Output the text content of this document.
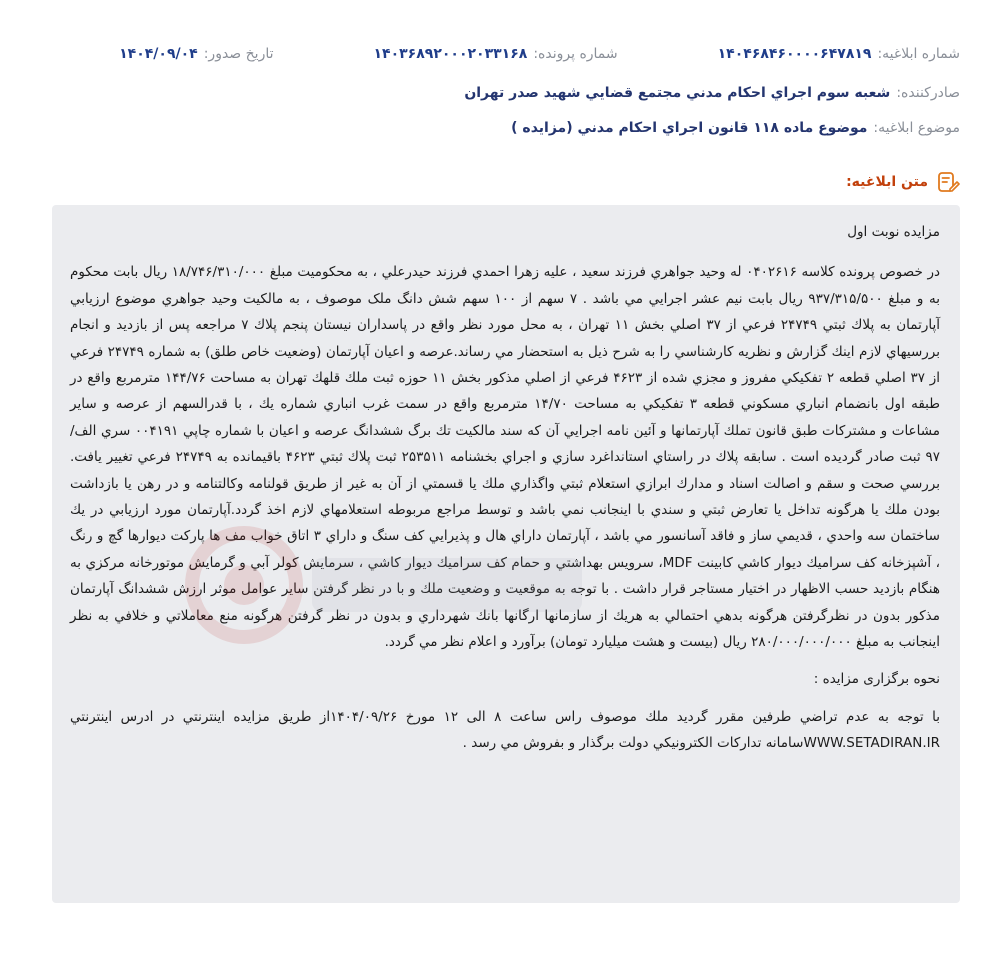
شماره ابلاغیه:
۱۴۰۴۶۸۴۶۰۰۰۰۶۴۷۸۱۹
شماره پرونده:
۱۴۰۳۶۸۹۲۰۰۰۲۰۳۳۱۶۸
تاریخ صدور:
۱۴۰۴/۰۹/۰۴
صادرکننده:
شعبه سوم اجراي احكام مدني مجتمع قضايي شهيد صدر تهران
موضوع ابلاغیه:
موضوع ماده ۱۱۸ قانون اجراي احكام مدني (مزايده )
متن ابلاغیه:

مزايده نوبت اول

در خصوص پرونده كلاسه ۰۴۰۲۶۱۶ له وحيد جواهري فرزند سعيد ، عليه زهرا احمدي فرزند حيدرعلي ، به محكوميت مبلغ ۱۸/۷۴۶/۳۱۰/۰۰۰ ريال بابت محكوم به و مبلغ ۹۳۷/۳۱۵/۵۰۰ ريال بابت نيم عشر اجرايي مي باشد . ۷ سهم از ۱۰۰ سهم شش دانگ ملک موصوف ، به مالكيت وحيد جواهري موضوع ارزيابي آپارتمان به پلاك ثبتي ۲۴۷۴۹ فرعي از ۳۷ اصلي بخش ۱۱ تهران ، به محل مورد نظر واقع در پاسداران نيستان پنجم پلاك ۷ مراجعه پس از بازديد و انجام بررسيهاي لازم اينك گزارش و نظريه كارشناسي را به شرح ذيل به استحضار مي رساند.عرصه و اعيان آپارتمان (وضعيت خاص طلق) به شماره ۲۴۷۴۹ فرعي از ۳۷ اصلي قطعه ۲ تفكيكي مفروز و مجزي شده از ۴۶۲۳ فرعي از اصلي مذكور بخش ۱۱ حوزه ثبت ملك قلهك تهران به مساحت ۱۴۴/۷۶ مترمربع واقع در طبقه اول بانضمام انباري مسكوني قطعه ۳ تفكيكي به مساحت ۱۴/۷۰ مترمربع واقع در سمت غرب انباري شماره يك ، با قدرالسهم از عرصه و ساير مشاعات و مشتركات طبق قانون تملك آپارتمانها و آئين نامه اجرايي آن كه سند مالكيت تك برگ ششدانگ عرصه و اعيان با شماره چاپي ۰۰۴۱۹۱ سري الف/۹۷ ثبت صادر گرديده است . سابقه پلاك در راستاي استانداغرد سازي و اجراي بخشنامه ۲۵۳۵۱۱ ثبت پلاك ثبتي ۴۶۲۳ باقيمانده به ۲۴۷۴۹ فرعي تغيير يافت. بررسي صحت و سقم و اصالت اسناد و مدارك ابرازي استعلام ثبتي واگذاري ملك يا قسمتي از آن به غير از طريق قولنامه وكالتنامه و در رهن يا بازداشت بودن ملك يا هرگونه تداخل يا تعارض ثبتي و سندي با اينجانب نمي باشد و توسط مراجع مربوطه استعلامهاي لازم اخذ گردد.آپارتمان مورد ارزيابي در يك ساختمان سه واحدي ، قديمي ساز و فاقد آسانسور مي باشد ، آپارتمان داراي هال و پذيرايي كف سنگ و داراي ۳ اتاق خواب مف ها پاركت ديوارها گچ و رنگ ، آشپزخانه كف سراميك ديوار كاشي كابينت MDF، سرويس بهداشتي و حمام كف سراميك ديوار كاشي ، سرمايش كولر آبي و گرمايش موتورخانه مركزي به هنگام بازديد حسب الاظهار در اختيار مستاجر قرار داشت . با توجه به موقعيت و وضعيت ملك و با در نظر گرفتن ساير عوامل موثر ارزش ششدانگ آپارتمان مذكور بدون در نظرگرفتن هرگونه بدهي احتمالي به هريك از سازمانها ارگانها بانك شهرداري و بدون در نظر گرفتن هرگونه منع معاملاتي و خلافي به نظر اينجانب به مبلغ ۲۸۰/۰۰۰/۰۰۰/۰۰۰ ريال (بيست و هشت ميليارد تومان) برآورد و اعلام نظر مي گردد.

نحوه برگزاری مزایده :

با توجه به عدم تراضي طرفين مقرر گرديد ملك موصوف راس ساعت ۸ الی ۱۲ مورخ ۱۴۰۴/۰۹/۲۶از طریق مزايده اينترنتي در ادرس اينترنتي WWW.SETADIRAN.IRسامانه تداركات الكترونيكي دولت برگذار و بفروش مي رسد .
